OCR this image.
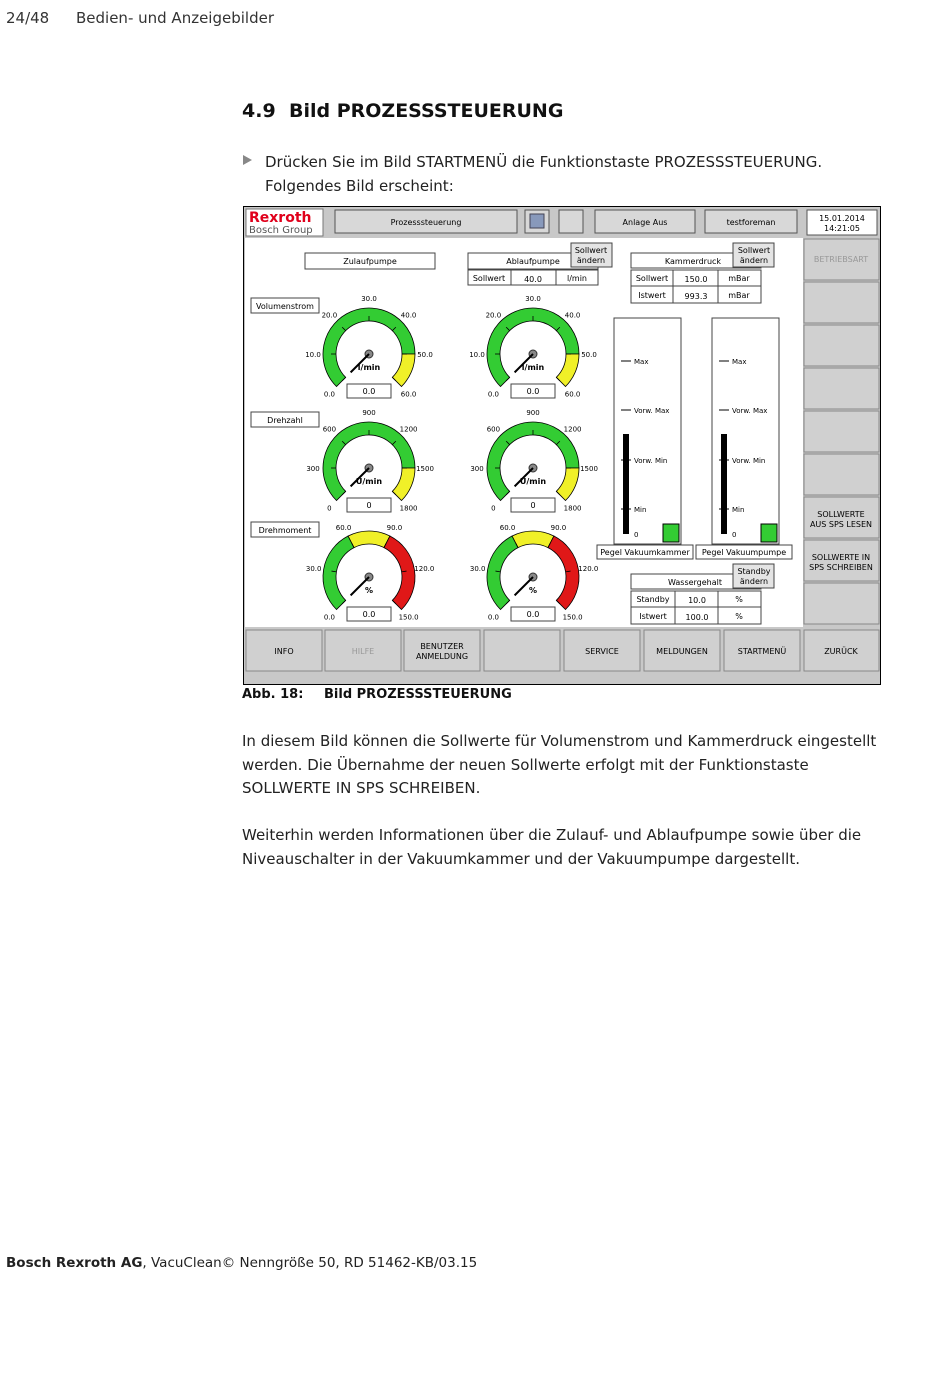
24/48 Bedien- und Anzeigebilder
4.9 Bild PROZESSSTEUERUNG
Drücken Sie im Bild STARTMENÜ die Funktionstaste PROZESSSTEUERUNG.
Folgendes Bild erscheint:
Rexroth
Bosch Group
Prozesssteuerung	Anlage Aus	testforeman	15.01.2014
14:21:05
BETRIEBSART
SOLLWERTE
AUS SPS LESEN
SOLLWERTE IN
SPS SCHREIBEN
INFO	HILFE
BENUTZER
ANMELDUNG
SERVICE	MELDUNGEN	STARTMENÜ	ZURÜCK
Zulaufpumpe	Ablaufpumpe
Sollwert
ändern
Sollwert 40.0	l/min
Volumenstrom
Drehzahl
Drehmoment
0.0
10.0
20.0
30.0
40.0
50.0
60.0
l/min
0.0
0
300
600
900
1200
1500
1800
U/min
0
0.0
30.0
60.0	90.0
120.0
150.0
%
0.0
0.0
10.0
20.0
30.0
40.0
50.0
60.0
l/min
0.0
0
300
600
900
1200
1500
1800
U/min
0
0.0
30.0
60.0	90.0
120.0
150.0
%
0.0
Kammerdruck
Sollwert
ändern
Sollwert 150.0	mBar
Istwert 993.3	mBar
Max
Vorw. Max
Vorw. Min
Min
0
Pegel Vakuumkammer
Max
Vorw. Max
Vorw. Min
Min
0
Pegel Vakuumpumpe
Wassergehalt
Standby
ändern
Standby 10.0	%
Istwert 100.0	%
Abb. 18: Bild PROZESSSTEUERUNG
In diesem Bild können die Sollwerte für Volumenstrom und Kammerdruck eingestellt
werden. Die Übernahme der neuen Sollwerte erfolgt mit der Funktionstaste
SOLLWERTE IN SPS SCHREIBEN.
Weiterhin werden Informationen über die Zulauf- und Ablaufpumpe sowie über die
Niveauschalter in der Vakuumkammer und der Vakuumpumpe dargestellt.
Bosch Rexroth AG, VacuClean© Nenngröße 50, RD 51462-KB/03.15
